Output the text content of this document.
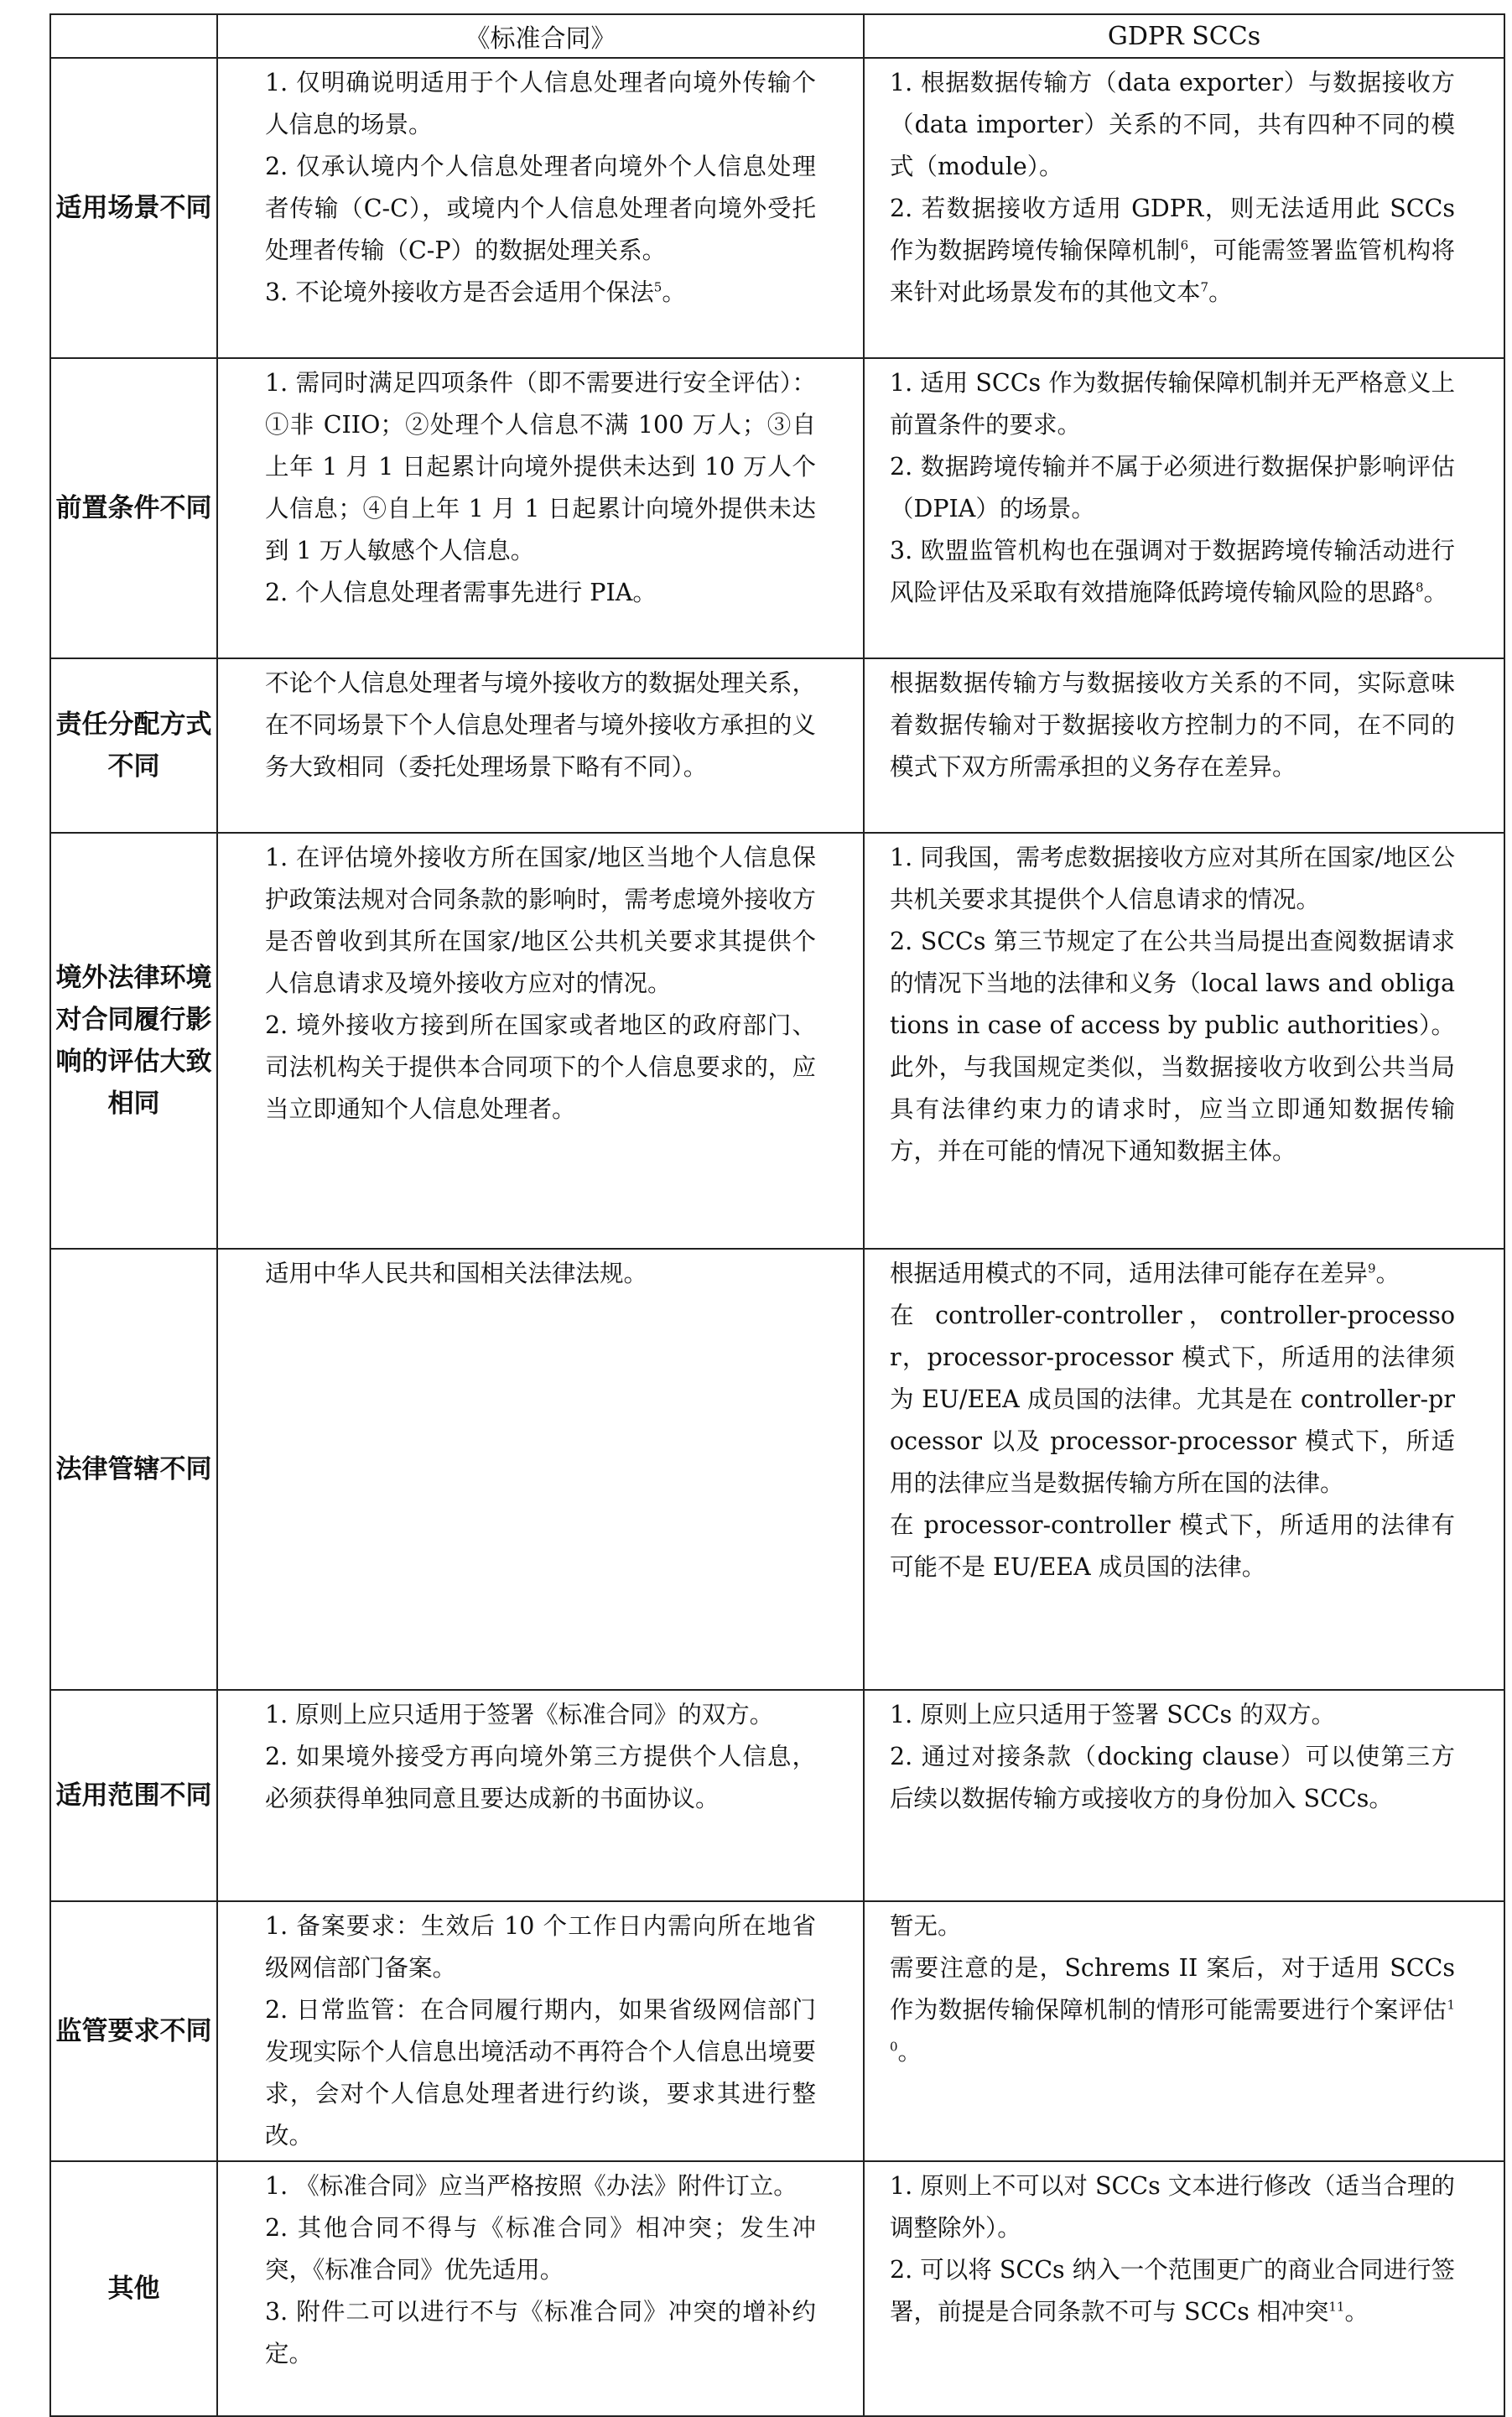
	《标准合同》	GDPR SCCs
适用场景不同	1. 仅明确说明适用于个人信息处理者向境外传输个人信息的场景。
2. 仅承认境内个人信息处理者向境外个人信息处理者传输（C-C），或境内个人信息处理者向境外受托处理者传输（C-P）的数据处理关系。
3. 不论境外接收方是否会适用个保法$^5$。	1. 根据数据传输方（data exporter）与数据接收方（data importer）关系的不同，共有四种不同的模式（module）。
2. 若数据接收方适用 GDPR，则无法适用此 SCCs 作为数据跨境传输保障机制$^6$，可能需签署监管机构将来针对此场景发布的其他文本$^7$。

前置条件不同	1. 需同时满足四项条件（即不需要进行安全评估）：①非 CIIO；②处理个人信息不满 100 万人；③自上年 1 月 1 日起累计向境外提供未达到 10 万人个人信息；④自上年 1 月 1 日起累计向境外提供未达到 1 万人敏感个人信息。
2. 个人信息处理者需事先进行 PIA。	1. 适用 SCCs 作为数据传输保障机制并无严格意义上前置条件的要求。
2. 数据跨境传输并不属于必须进行数据保护影响评估（DPIA）的场景。
3. 欧盟监管机构也在强调对于数据跨境传输活动进行风险评估及采取有效措施降低跨境传输风险的思路$^8$。

责任分配方式不同	不论个人信息处理者与境外接收方的数据处理关系，在不同场景下个人信息处理者与境外接收方承担的义务大致相同（委托处理场景下略有不同）。	根据数据传输方与数据接收方关系的不同，实际意味着数据传输对于数据接收方控制力的不同，在不同的模式下双方所需承担的义务存在差异。

境外法律环境对合同履行影响的评估大致相同	1. 在评估境外接收方所在国家/地区当地个人信息保护政策法规对合同条款的影响时，需考虑境外接收方是否曾收到其所在国家/地区公共机关要求其提供个人信息请求及境外接收方应对的情况。
2. 境外接收方接到所在国家或者地区的政府部门、司法机构关于提供本合同项下的个人信息要求的，应当立即通知个人信息处理者。	1. 同我国，需考虑数据接收方应对其所在国家/地区公共机关要求其提供个人信息请求的情况。
2. SCCs 第三节规定了在公共当局提出查阅数据请求的情况下当地的法律和义务（local laws and obligations in case of access by public authorities）。此外，与我国规定类似，当数据接收方收到公共当局具有法律约束力的请求时，应当立即通知数据传输方，并在可能的情况下通知数据主体。

法律管辖不同	适用中华人民共和国相关法律法规。	根据适用模式的不同，适用法律可能存在差异$^9$。
在 controller-controller，controller-processor，processor-processor 模式下，所适用的法律须为 EU/EEA 成员国的法律。尤其是在 controller-processor 以及 processor-processor 模式下，所适用的法律应当是数据传输方所在国的法律。
在 processor-controller 模式下，所适用的法律有可能不是 EU/EEA 成员国的法律。

适用范围不同	1. 原则上应只适用于签署《标准合同》的双方。
2. 如果境外接受方再向境外第三方提供个人信息，必须获得单独同意且要达成新的书面协议。	1. 原则上应只适用于签署 SCCs 的双方。
2. 通过对接条款（docking clause）可以使第三方后续以数据传输方或接收方的身份加入 SCCs。

监管要求不同	1. 备案要求：生效后 10 个工作日内需向所在地省级网信部门备案。
2. 日常监管：在合同履行期内，如果省级网信部门发现实际个人信息出境活动不再符合个人信息出境要求，会对个人信息处理者进行约谈，要求其进行整改。	暂无。
需要注意的是，Schrems II 案后，对于适用 SCCs 作为数据传输保障机制的情形可能需要进行个案评估$^{10}$。

其他	1. 《标准合同》应当严格按照《办法》附件订立。
2. 其他合同不得与《标准合同》相冲突；发生冲突，《标准合同》优先适用。
3. 附件二可以进行不与《标准合同》冲突的增补约定。	1. 原则上不可以对 SCCs 文本进行修改（适当合理的调整除外）。
2. 可以将 SCCs 纳入一个范围更广的商业合同进行签署，前提是合同条款不可与 SCCs 相冲突$^{11}$。
